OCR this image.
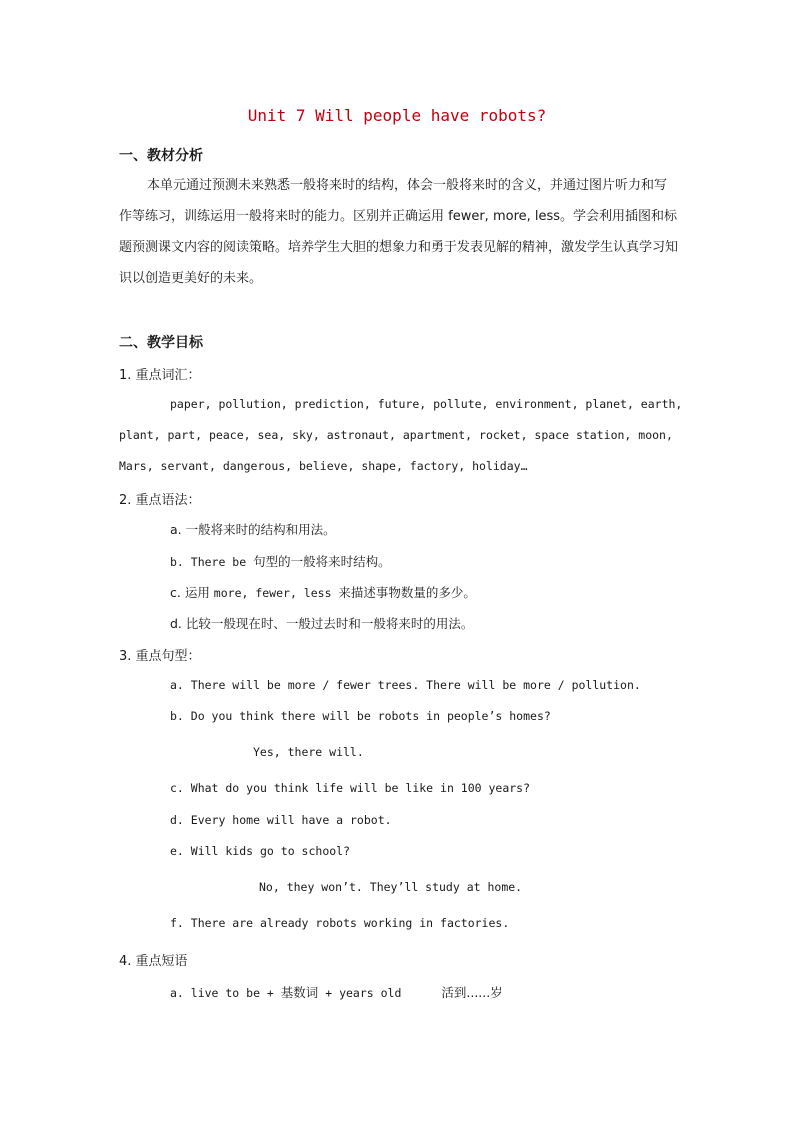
Unit 7 Will people have robots?
一、教材分析
本单元通过预测未来熟悉一般将来时的结构，体会一般将来时的含义，并通过图片听力和写作等练习，训练运用一般将来时的能力。区别并正确运用 fewer, more, less。学会利用插图和标题预测课文内容的阅读策略。培养学生大胆的想象力和勇于发表见解的精神，激发学生认真学习知识以创造更美好的未来。
二、教学目标
1. 重点词汇：
paper, pollution, prediction, future, pollute, environment, planet, earth,
plant, part, peace, sea, sky, astronaut, apartment, rocket, space station, moon,
Mars, servant, dangerous, believe, shape, factory, holiday…
2. 重点语法：
a. 一般将来时的结构和用法。
b. There be 句型的一般将来时结构。
c. 运用 more, fewer, less 来描述事物数量的多少。
d. 比较一般现在时、一般过去时和一般将来时的用法。
3. 重点句型：
a. There will be more / fewer trees. There will be more / pollution.
b. Do you think there will be robots in people’s homes?
Yes, there will.
c. What do you think life will be like in 100 years?
d. Every home will have a robot.
e. Will kids go to school?
No, they won’t. They’ll study at home.
f. There are already robots working in factories.
4. 重点短语
a. live to be + 基数词 + years old	活到......岁
